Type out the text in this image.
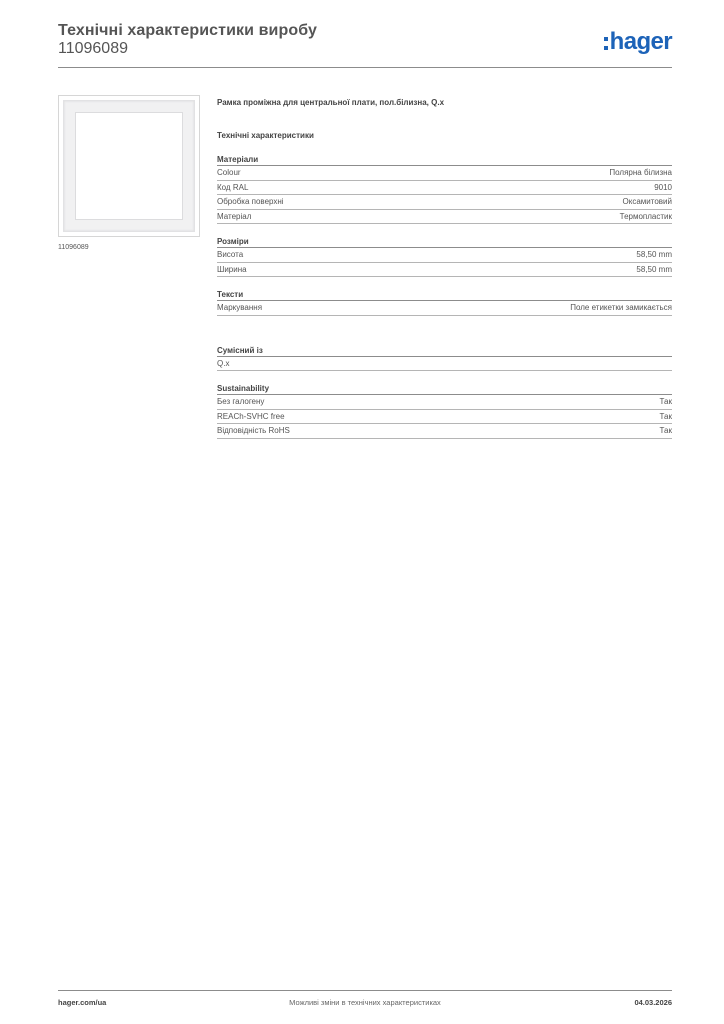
Технічні характеристики виробу
11096089	hager
11096089
Рамка проміжна для центральної плати, пол.білизна, Q.x
Технічні характеристики
Матеріали
Colour	Полярна білизна
Код RAL	9010
Обробка поверхні	Оксамитовий
Матеріал	Термопластик
Розміри
Висота	58,50 mm
Ширина	58,50 mm
Тексти
Маркування	Поле етикетки замикається
Сумісний із
Q.x
Sustainability
Без галогену	Так
REACh-SVHC free	Так
Відповідність RoHS	Так
hager.com/ua	Можливі зміни в технічних характеристиках	04.03.2026
